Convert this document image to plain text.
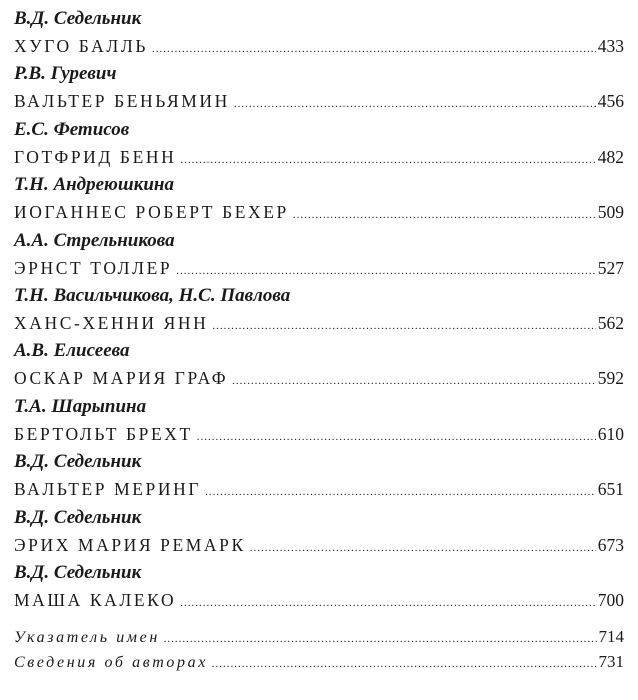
В.Д. Седельник
ХУГО БАЛЛЬ .....	433
Р.В. Гуревич
ВАЛЬТЕР БЕНЬЯМИН .....	456
Е.С. Фетисов
ГОТФРИД БЕНН .....	482
Т.Н. Андреюшкина
ИОГАННЕС РОБЕРТ БЕХЕР .....	509
А.А. Стрельникова
ЭРНСТ ТОЛЛЕР .....	527
Т.Н. Васильчикова, Н.С. Павлова
ХАНС-ХЕННИ ЯНН .....	562
А.В. Елисеева
ОСКАР МАРИЯ ГРАФ .....	592
Т.А. Шарыпина
БЕРТОЛЬТ БРЕХТ .....	610
В.Д. Седельник
ВАЛЬТЕР МЕРИНГ .....	651
В.Д. Седельник
ЭРИХ МАРИЯ РЕМАРК .....	673
В.Д. Седельник
МАША КАЛЕКО .....	700
Указатель имен .....	714
Сведения об авторах .....	731
